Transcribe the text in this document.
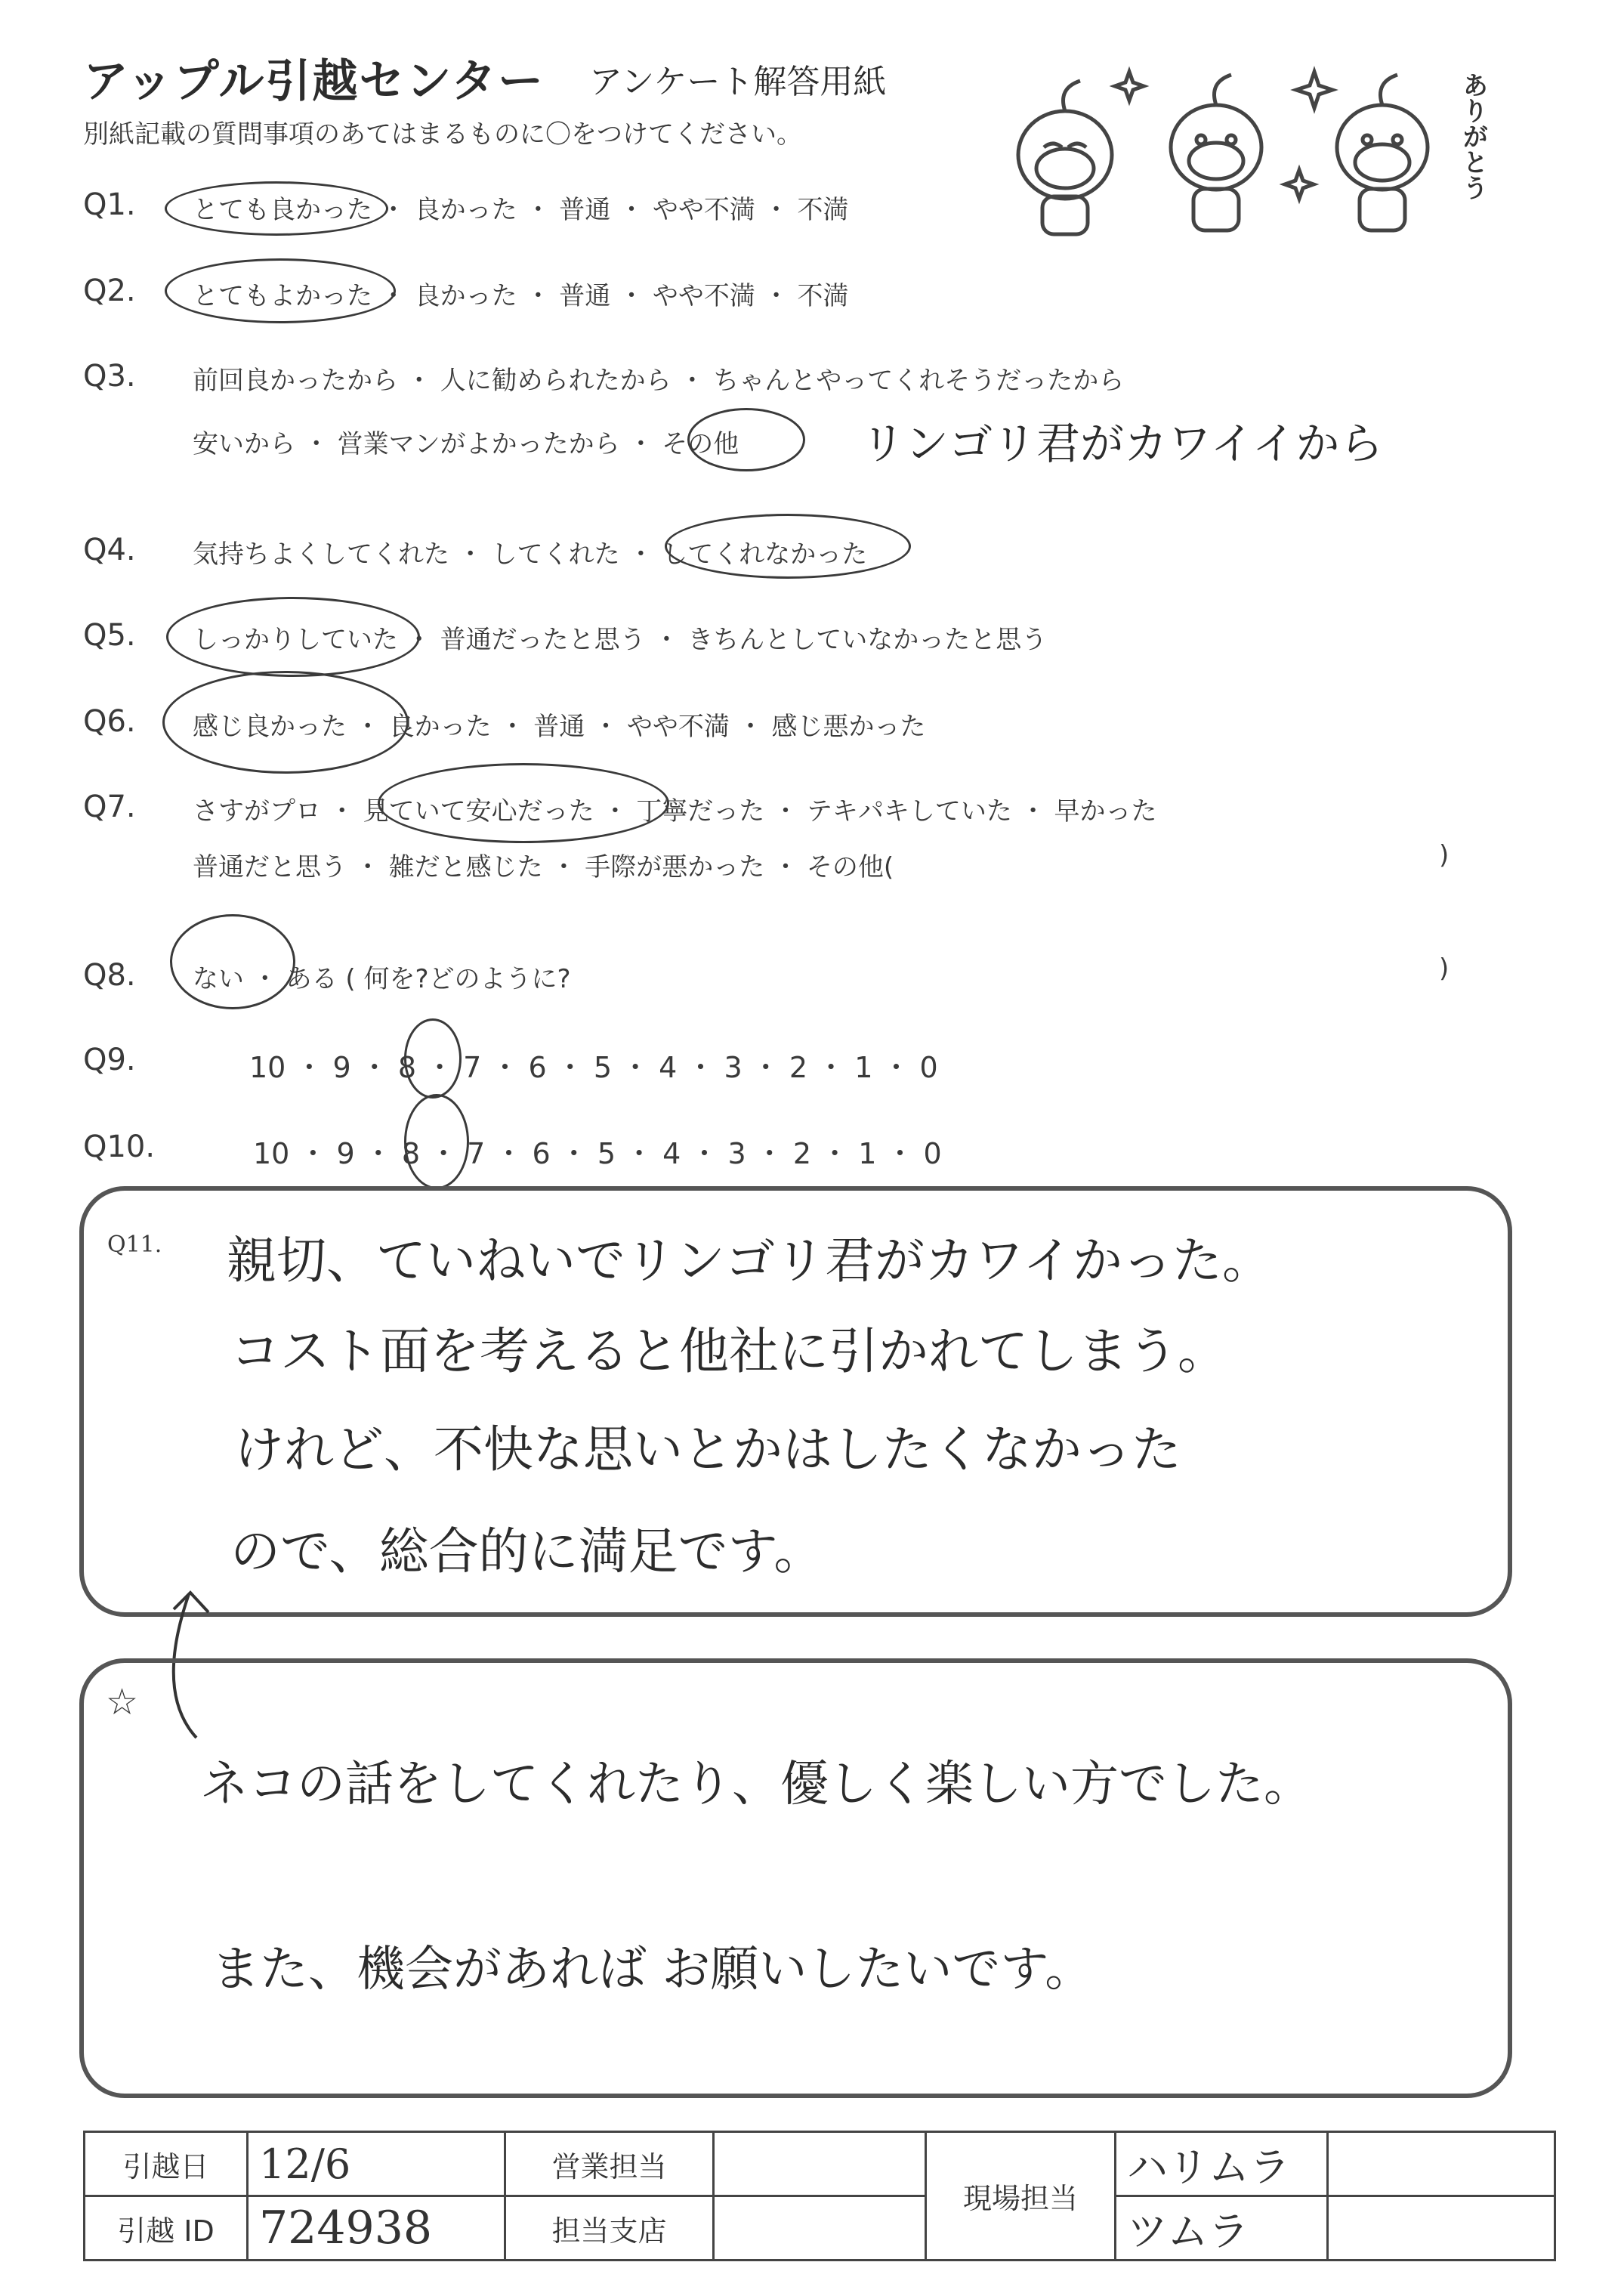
アップル引越センター アンケート解答用紙
別紙記載の質問事項のあてはまるものに〇をつけてください。	ありがとう
Q1. とても良かった ・ 良かった ・ 普通 ・ やや不満 ・ 不満
Q2. とてもよかった ・ 良かった ・ 普通 ・ やや不満 ・ 不満
Q3. 前回良かったから ・ 人に勧められたから ・ ちゃんとやってくれそうだったから
安いから ・ 営業マンがよかったから ・ その他	リンゴリ君がカワイイから
Q4. 気持ちよくしてくれた ・ してくれた ・ してくれなかった
Q5. しっかりしていた ・ 普通だったと思う ・ きちんとしていなかったと思う
Q6. 感じ良かった ・ 良かった ・ 普通 ・ やや不満 ・ 感じ悪かった
Q7. さすがプロ ・ 見ていて安心だった ・ 丁寧だった ・ テキパキしていた ・ 早かった
普通だと思う ・ 雑だと感じた ・ 手際が悪かった ・ その他(	)
Q8. ない ・ ある ( 何を?どのように?	)
Q9.	10 ・ 9 ・ 8 ・ 7 ・ 6 ・ 5 ・ 4 ・ 3 ・ 2 ・ 1 ・ 0
Q10.	10 ・ 9 ・ 8 ・ 7 ・ 6 ・ 5 ・ 4 ・ 3 ・ 2 ・ 1 ・ 0
Q11. 親切、ていねいでリンゴリ君がカワイかった。
コスト面を考えると他社に引かれてしまう。
けれど、不快な思いとかはしたくなかった
ので、総合的に満足です。
☆
ネコの話をしてくれたり、優しく楽しい方でした。
また、機会があれば お願いしたいです。
引越日	12/6	営業担当		現場担当	ハリムラ	
引越 ID	724938	担当支店			ツムラ	
